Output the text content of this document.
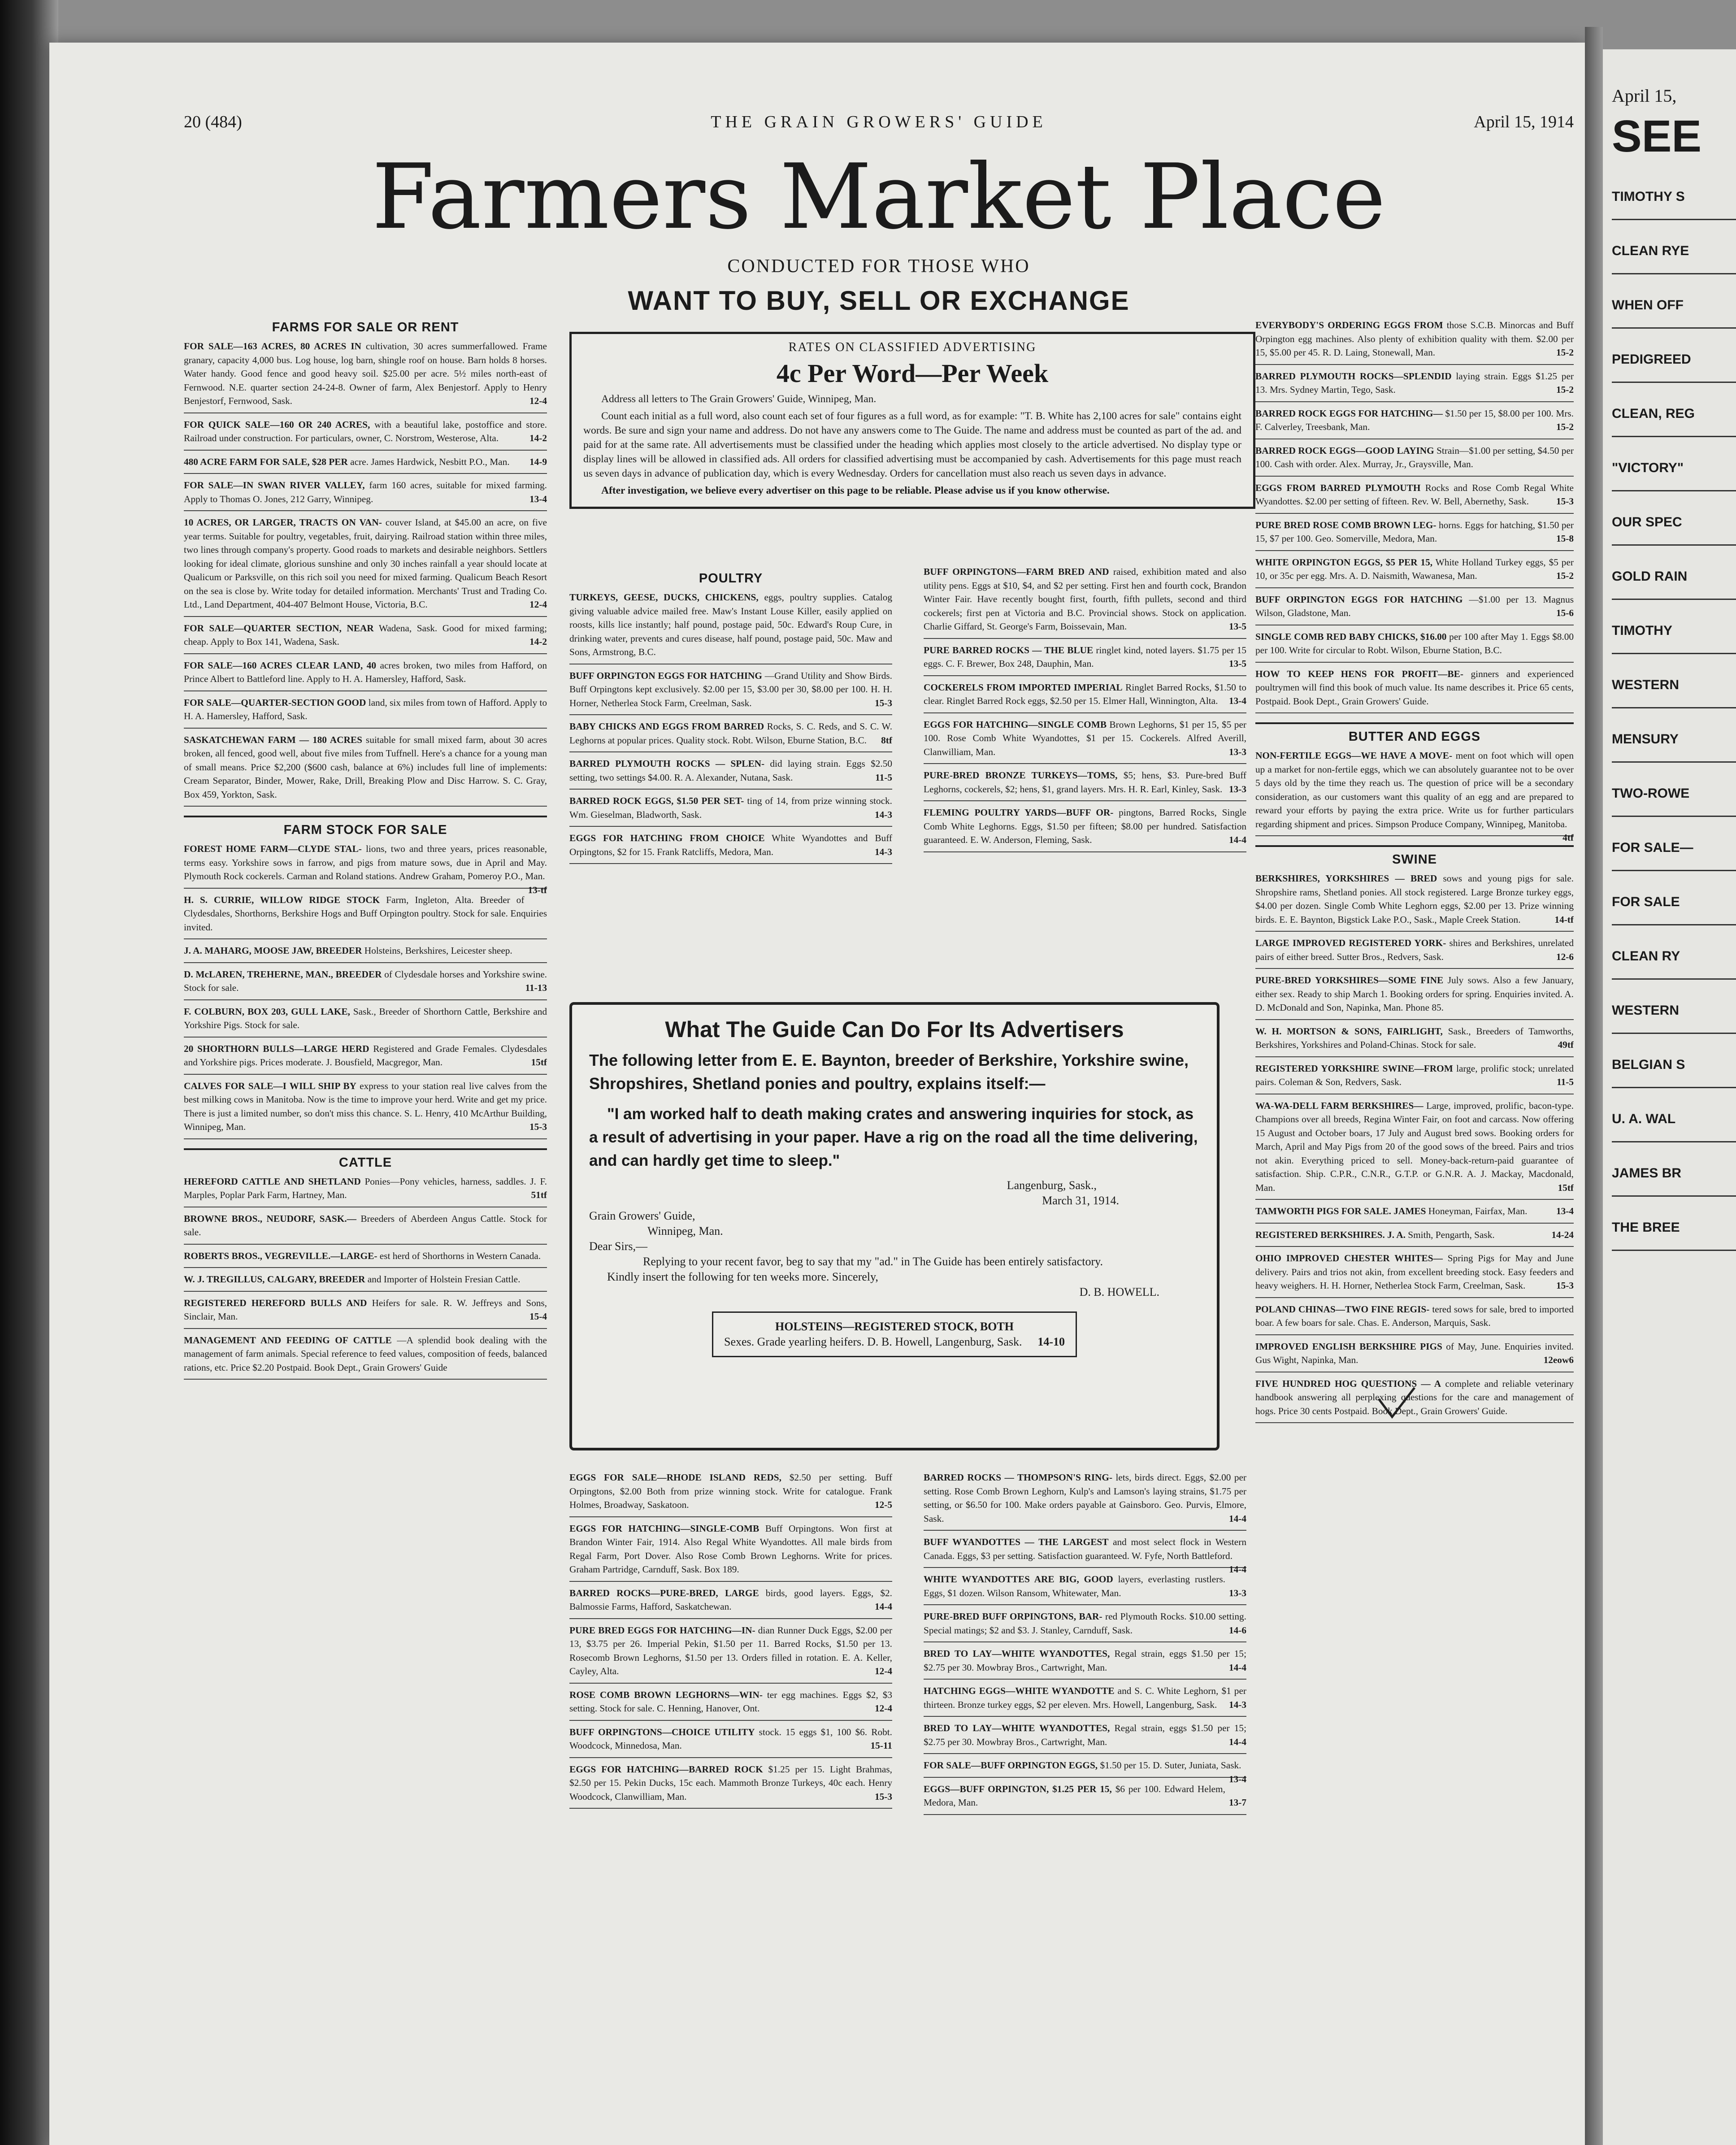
April 15,
SEE
TIMOTHY S
CLEAN RYE
WHEN OFF
PEDIGREED
CLEAN, REG
"VICTORY"
OUR SPEC
GOLD RAIN
TIMOTHY
WESTERN
MENSURY
TWO-ROWE
FOR SALE—
FOR SALE
CLEAN RY
WESTERN
BELGIAN S
U. A. WAL
JAMES BR
THE BREE
20 (484)	THE GRAIN GROWERS' GUIDE	April 15, 1914
Farmers Market Place
CONDUCTED FOR THOSE WHO
WANT TO BUY, SELL OR EXCHANGE
FARMS FOR SALE OR RENT

FOR SALE—163 ACRES, 80 ACRES IN cultivation, 30 acres summerfallowed. Frame granary, capacity 4,000 bus. Log house, log barn, shingle roof on house. Barn holds 8 horses. Water handy. Good fence and good heavy soil. $25.00 per acre. 5½ miles north-east of Fernwood. N.E. quarter section 24-24-8. Owner of farm, Alex Benjestorf. Apply to Henry Benjestorf, Fernwood, Sask.	12-4

FOR QUICK SALE—160 OR 240 ACRES, with a beautiful lake, postoffice and store. Railroad under construction. For particulars, owner, C. Norstrom, Westerose, Alta.	14-2

480 ACRE FARM FOR SALE, $28 PER acre. James Hardwick, Nesbitt P.O., Man.	14-9

FOR SALE—IN SWAN RIVER VALLEY, farm 160 acres, suitable for mixed farming. Apply to Thomas O. Jones, 212 Garry, Winnipeg.	13-4

10 ACRES, OR LARGER, TRACTS ON VAN- couver Island, at $45.00 an acre, on five year terms. Suitable for poultry, vegetables, fruit, dairying. Railroad station within three miles, two lines through company's property. Good roads to markets and desirable neighbors. Settlers looking for ideal climate, glorious sunshine and only 30 inches rainfall a year should locate at Qualicum or Parksville, on this rich soil you need for mixed farming. Qualicum Beach Resort on the sea is close by. Write today for detailed information. Merchants' Trust and Trading Co. Ltd., Land Department, 404-407 Belmont House, Victoria, B.C.	12-4

FOR SALE—QUARTER SECTION, NEAR Wadena, Sask. Good for mixed farming; cheap. Apply to Box 141, Wadena, Sask.	14-2

FOR SALE—160 ACRES CLEAR LAND, 40 acres broken, two miles from Hafford, on Prince Albert to Battleford line. Apply to H. A. Hamersley, Hafford, Sask.

FOR SALE—QUARTER-SECTION GOOD land, six miles from town of Hafford. Apply to H. A. Hamersley, Hafford, Sask.

SASKATCHEWAN FARM — 180 ACRES suitable for small mixed farm, about 30 acres broken, all fenced, good well, about five miles from Tuffnell. Here's a chance for a young man of small means. Price $2,200 ($600 cash, balance at 6%) includes full line of implements: Cream Separator, Binder, Mower, Rake, Drill, Breaking Plow and Disc Harrow. S. C. Gray, Box 459, Yorkton, Sask.

FARM STOCK FOR SALE

FOREST HOME FARM—CLYDE STAL- lions, two and three years, prices reasonable, terms easy. Yorkshire sows in farrow, and pigs from mature sows, due in April and May. Plymouth Rock cockerels. Carman and Roland stations. Andrew Graham, Pomeroy P.O., Man.
13-tf

H. S. CURRIE, WILLOW RIDGE STOCK Farm, Ingleton, Alta. Breeder of Clydesdales, Shorthorns, Berkshire Hogs and Buff Orpington poultry. Stock for sale. Enquiries invited.

J. A. MAHARG, MOOSE JAW, BREEDER Holsteins, Berkshires, Leicester sheep.

D. McLAREN, TREHERNE, MAN., BREEDER of Clydesdale horses and Yorkshire swine. Stock for sale.	11-13

F. COLBURN, BOX 203, GULL LAKE, Sask., Breeder of Shorthorn Cattle, Berkshire and Yorkshire Pigs. Stock for sale.

20 SHORTHORN BULLS—LARGE HERD Registered and Grade Females. Clydesdales and Yorkshire pigs. Prices moderate. J. Bousfield, Macgregor, Man.	15tf

CALVES FOR SALE—I WILL SHIP BY express to your station real live calves from the best milking cows in Manitoba. Now is the time to improve your herd. Write and get my price. There is just a limited number, so don't miss this chance. S. L. Henry, 410 McArthur Building, Winnipeg, Man.	15-3

CATTLE

HEREFORD CATTLE AND SHETLAND Ponies—Pony vehicles, harness, saddles. J. F. Marples, Poplar Park Farm, Hartney, Man.	51tf

BROWNE BROS., NEUDORF, SASK.— Breeders of Aberdeen Angus Cattle. Stock for sale.

ROBERTS BROS., VEGREVILLE.—LARGE- est herd of Shorthorns in Western Canada.

W. J. TREGILLUS, CALGARY, BREEDER and Importer of Holstein Fresian Cattle.

REGISTERED HEREFORD BULLS AND Heifers for sale. R. W. Jeffreys and Sons, Sinclair, Man.	15-4

MANAGEMENT AND FEEDING OF CATTLE —A splendid book dealing with the management of farm animals. Special reference to feed values, composition of feeds, balanced rations, etc. Price $2.20 Postpaid. Book Dept., Grain Growers' Guide

RATES ON CLASSIFIED ADVERTISING
4c Per Word—Per Week

Address all letters to The Grain Growers' Guide, Winnipeg, Man.

Count each initial as a full word, also count each set of four figures as a full word, as for example: "T. B. White has 2,100 acres for sale" contains eight words. Be sure and sign your name and address. Do not have any answers come to The Guide. The name and address must be counted as part of the ad. and paid for at the same rate. All advertisements must be classified under the heading which applies most closely to the article advertised. No display type or display lines will be allowed in classified ads. All orders for classified advertising must be accompanied by cash. Advertisements for this page must reach us seven days in advance of publication day, which is every Wednesday. Orders for cancellation must also reach us seven days in advance.

After investigation, we believe every advertiser on this page to be reliable. Please advise us if you know otherwise.

POULTRY

TURKEYS, GEESE, DUCKS, CHICKENS, eggs, poultry supplies. Catalog giving valuable advice mailed free. Maw's Instant Louse Killer, easily applied on roosts, kills lice instantly; half pound, postage paid, 50c. Edward's Roup Cure, in drinking water, prevents and cures disease, half pound, postage paid, 50c. Maw and Sons, Armstrong, B.C.

BUFF ORPINGTON EGGS FOR HATCHING —Grand Utility and Show Birds. Buff Orpingtons kept exclusively. $2.00 per 15, $3.00 per 30, $8.00 per 100. H. H. Horner, Netherlea Stock Farm, Creelman, Sask.	15-3

BABY CHICKS AND EGGS FROM BARRED Rocks, S. C. Reds, and S. C. W. Leghorns at popular prices. Quality stock. Robt. Wilson, Eburne Station, B.C.	8tf

BARRED PLYMOUTH ROCKS — SPLEN- did laying strain. Eggs $2.50 setting, two settings $4.00. R. A. Alexander, Nutana, Sask.	11-5

BARRED ROCK EGGS, $1.50 PER SET- ting of 14, from prize winning stock. Wm. Gieselman, Bladworth, Sask.	14-3

EGGS FOR HATCHING FROM CHOICE White Wyandottes and Buff Orpingtons, $2 for 15. Frank Ratcliffs, Medora, Man.	14-3

BUFF ORPINGTONS—FARM BRED AND raised, exhibition mated and also utility pens. Eggs at $10, $4, and $2 per setting. First hen and fourth cock, Brandon Winter Fair. Have recently bought first, fourth, fifth pullets, second and third cockerels; first pen at Victoria and B.C. Provincial shows. Stock on application. Charlie Giffard, St. George's Farm, Boissevain, Man.	13-5

PURE BARRED ROCKS — THE BLUE ringlet kind, noted layers. $1.75 per 15 eggs. C. F. Brewer, Box 248, Dauphin, Man.	13-5

COCKERELS FROM IMPORTED IMPERIAL Ringlet Barred Rocks, $1.50 to clear. Ringlet Barred Rock eggs, $2.50 per 15. Elmer Hall, Winnington, Alta.	13-4

EGGS FOR HATCHING—SINGLE COMB Brown Leghorns, $1 per 15, $5 per 100. Rose Comb White Wyandottes, $1 per 15. Cockerels. Alfred Averill, Clanwilliam, Man.	13-3

PURE-BRED BRONZE TURKEYS—TOMS, $5; hens, $3. Pure-bred Buff Leghorns, cockerels, $2; hens, $1, grand layers. Mrs. H. R. Earl, Kinley, Sask. 13-3

FLEMING POULTRY YARDS—BUFF OR- pingtons, Barred Rocks, Single Comb White Leghorns. Eggs, $1.50 per fifteen; $8.00 per hundred. Satisfaction guaranteed. E. W. Anderson, Fleming, Sask.	14-4

What The Guide Can Do For Its Advertisers
The following letter from E. E. Baynton, breeder of Berkshire, Yorkshire swine, Shropshires, Shetland ponies and poultry, explains itself:—
"I am worked half to death making crates and answering inquiries for stock, as a result of advertising in your paper. Have a rig on the road all the time delivering, and can hardly get time to sleep."

Langenburg, Sask.,

March 31, 1914.

Grain Growers' Guide,

Winnipeg, Man.

Dear Sirs,—

Replying to your recent favor, beg to say that my "ad." in The Guide has been entirely satisfactory.

Kindly insert the following for ten weeks more. Sincerely,

D. B. HOWELL.

HOLSTEINS—REGISTERED STOCK, BOTH
Sexes. Grade yearling heifers. D. B. Howell, Langenburg, Sask. 14-10

EGGS FOR SALE—RHODE ISLAND REDS, $2.50 per setting. Buff Orpingtons, $2.00 Both from prize winning stock. Write for catalogue. Frank Holmes, Broadway, Saskatoon.	12-5

EGGS FOR HATCHING—SINGLE-COMB Buff Orpingtons. Won first at Brandon Winter Fair, 1914. Also Regal White Wyandottes. All male birds from Regal Farm, Port Dover. Also Rose Comb Brown Leghorns. Write for prices. Graham Partridge, Carnduff, Sask. Box 189.

BARRED ROCKS—PURE-BRED, LARGE birds, good layers. Eggs, $2. Balmossie Farms, Hafford, Saskatchewan.	14-4

PURE BRED EGGS FOR HATCHING—IN- dian Runner Duck Eggs, $2.00 per 13, $3.75 per 26. Imperial Pekin, $1.50 per 11. Barred Rocks, $1.50 per 13. Rosecomb Brown Leghorns, $1.50 per 13. Orders filled in rotation. E. A. Keller, Cayley, Alta.	12-4

ROSE COMB BROWN LEGHORNS—WIN- ter egg machines. Eggs $2, $3 setting. Stock for sale. C. Henning, Hanover, Ont.	12-4

BUFF ORPINGTONS—CHOICE UTILITY stock. 15 eggs $1, 100 $6. Robt. Woodcock, Minnedosa, Man.	15-11

EGGS FOR HATCHING—BARRED ROCK $1.25 per 15. Light Brahmas, $2.50 per 15. Pekin Ducks, 15c each. Mammoth Bronze Turkeys, 40c each. Henry Woodcock, Clanwilliam, Man.	15-3

BARRED ROCKS — THOMPSON'S RING- lets, birds direct. Eggs, $2.00 per setting. Rose Comb Brown Leghorn, Kulp's and Lamson's laying strains, $1.75 per setting, or $6.50 for 100. Make orders payable at Gainsboro. Geo. Purvis, Elmore, Sask.	14-4

BUFF WYANDOTTES — THE LARGEST and most select flock in Western Canada. Eggs, $3 per setting. Satisfaction guaranteed. W. Fyfe, North Battleford.
14-4

WHITE WYANDOTTES ARE BIG, GOOD layers, everlasting rustlers. Eggs, $1 dozen. Wilson Ransom, Whitewater, Man.	13-3

PURE-BRED BUFF ORPINGTONS, BAR- red Plymouth Rocks. $10.00 setting. Special matings; $2 and $3. J. Stanley, Carnduff, Sask.	14-6

BRED TO LAY—WHITE WYANDOTTES, Regal strain, eggs $1.50 per 15; $2.75 per 30. Mowbray Bros., Cartwright, Man.	14-4

HATCHING EGGS—WHITE WYANDOTTE and S. C. White Leghorn, $1 per thirteen. Bronze turkey eggs, $2 per eleven. Mrs. Howell, Langenburg, Sask.	14-3

BRED TO LAY—WHITE WYANDOTTES, Regal strain, eggs $1.50 per 15; $2.75 per 30. Mowbray Bros., Cartwright, Man.	14-4

FOR SALE—BUFF ORPINGTON EGGS, $1.50 per 15. D. Suter, Juniata, Sask.
13-4

EGGS—BUFF ORPINGTON, $1.25 PER 15, $6 per 100. Edward Helem, Medora, Man.	13-7

EVERYBODY'S ORDERING EGGS FROM those S.C.B. Minorcas and Buff Orpington egg machines. Also plenty of exhibition quality with them. $2.00 per 15, $5.00 per 45. R. D. Laing, Stonewall, Man.	15-2

BARRED PLYMOUTH ROCKS—SPLENDID laying strain. Eggs $1.25 per 13. Mrs. Sydney Martin, Tego, Sask.	15-2

BARRED ROCK EGGS FOR HATCHING— $1.50 per 15, $8.00 per 100. Mrs. F. Calverley, Treesbank, Man.	15-2

BARRED ROCK EGGS—GOOD LAYING Strain—$1.00 per setting, $4.50 per 100. Cash with order. Alex. Murray, Jr., Graysville, Man.

EGGS FROM BARRED PLYMOUTH Rocks and Rose Comb Regal White Wyandottes. $2.00 per setting of fifteen. Rev. W. Bell, Abernethy, Sask.	15-3

PURE BRED ROSE COMB BROWN LEG- horns. Eggs for hatching, $1.50 per 15, $7 per 100. Geo. Somerville, Medora, Man.	15-8

WHITE ORPINGTON EGGS, $5 PER 15, White Holland Turkey eggs, $5 per 10, or 35c per egg. Mrs. A. D. Naismith, Wawanesa, Man.	15-2

BUFF ORPINGTON EGGS FOR HATCHING —$1.00 per 13. Magnus Wilson, Gladstone, Man.	15-6

SINGLE COMB RED BABY CHICKS, $16.00 per 100 after May 1. Eggs $8.00 per 100. Write for circular to Robt. Wilson, Eburne Station, B.C.

HOW TO KEEP HENS FOR PROFIT—BE- ginners and experienced poultrymen will find this book of much value. Its name describes it. Price 65 cents, Postpaid. Book Dept., Grain Growers' Guide.

BUTTER AND EGGS

NON-FERTILE EGGS—WE HAVE A MOVE- ment on foot which will open up a market for non-fertile eggs, which we can absolutely guarantee not to be over 5 days old by the time they reach us. The question of price will be a secondary consideration, as our customers want this quality of an egg and are prepared to reward your efforts by paying the extra price. Write us for further particulars regarding shipment and prices. Simpson Produce Company, Winnipeg, Manitoba.
4tf

SWINE

BERKSHIRES, YORKSHIRES — BRED sows and young pigs for sale. Shropshire rams, Shetland ponies. All stock registered. Large Bronze turkey eggs, $4.00 per dozen. Single Comb White Leghorn eggs, $2.00 per 13. Prize winning birds. E. E. Baynton, Bigstick Lake P.O., Sask., Maple Creek Station.	14-tf

LARGE IMPROVED REGISTERED YORK- shires and Berkshires, unrelated pairs of either breed. Sutter Bros., Redvers, Sask.	12-6

PURE-BRED YORKSHIRES—SOME FINE July sows. Also a few January, either sex. Ready to ship March 1. Booking orders for spring. Enquiries invited. A. D. McDonald and Son, Napinka, Man. Phone 85.

W. H. MORTSON & SONS, FAIRLIGHT, Sask., Breeders of Tamworths, Berkshires, Yorkshires and Poland-Chinas. Stock for sale.	49tf

REGISTERED YORKSHIRE SWINE—FROM large, prolific stock; unrelated pairs. Coleman & Son, Redvers, Sask.	11-5

WA-WA-DELL FARM BERKSHIRES— Large, improved, prolific, bacon-type. Champions over all breeds, Regina Winter Fair, on foot and carcass. Now offering 15 August and October boars, 17 July and August bred sows. Booking orders for March, April and May Pigs from 20 of the good sows of the breed. Pairs and trios not akin. Everything priced to sell. Money-back-return-paid guarantee of satisfaction. Ship. C.P.R., C.N.R., G.T.P. or G.N.R. A. J. Mackay, Macdonald, Man.	15tf

TAMWORTH PIGS FOR SALE. JAMES Honeyman, Fairfax, Man.	13-4

REGISTERED BERKSHIRES. J. A. Smith, Pengarth, Sask.	14-24

OHIO IMPROVED CHESTER WHITES— Spring Pigs for May and June delivery. Pairs and trios not akin, from excellent breeding stock. Easy feeders and heavy weighers. H. H. Horner, Netherlea Stock Farm, Creelman, Sask.	15-3

POLAND CHINAS—TWO FINE REGIS- tered sows for sale, bred to imported boar. A few boars for sale. Chas. E. Anderson, Marquis, Sask.

IMPROVED ENGLISH BERKSHIRE PIGS of May, June. Enquiries invited. Gus Wight, Napinka, Man.	12eow6

FIVE HUNDRED HOG QUESTIONS — A complete and reliable veterinary handbook answering all perplexing questions for the care and management of hogs. Price 30 cents Postpaid. Book Dept., Grain Growers' Guide.
